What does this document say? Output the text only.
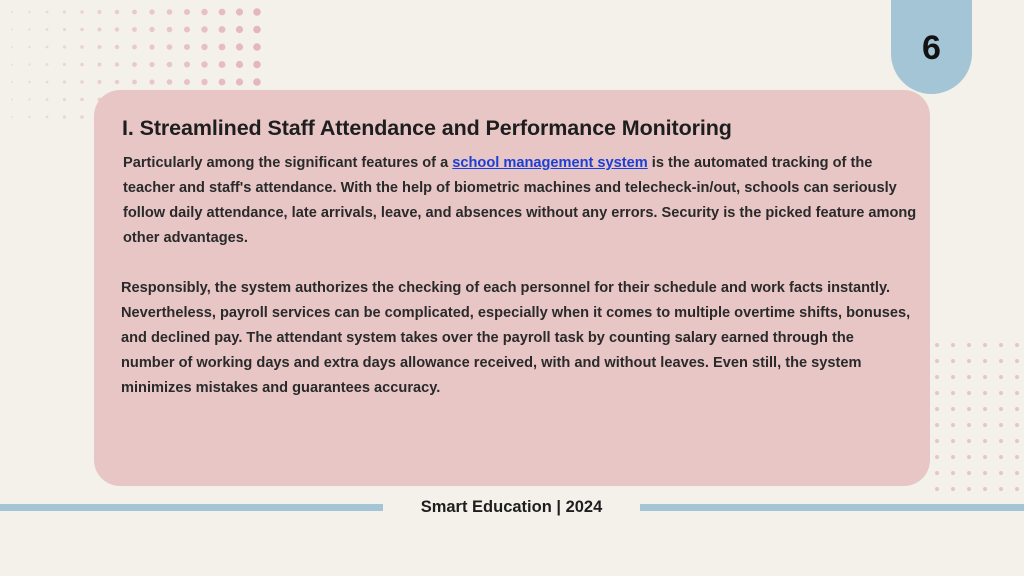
6
I. Streamlined Staff Attendance and Performance Monitoring

Particularly among the significant features of a school management system is the automated tracking of the teacher and staff's attendance. With the help of biometric machines and telecheck-in/out, schools can seriously follow daily attendance, late arrivals, leave, and absences without any errors. Security is the picked feature among other advantages.

Responsibly, the system authorizes the checking of each personnel for their schedule and work facts instantly. Nevertheless, payroll services can be complicated, especially when it comes to multiple overtime shifts, bonuses, and declined pay. The attendant system takes over the payroll task by counting salary earned through the number of working days and extra days allowance received, with and without leaves. Even still, the system minimizes mistakes and guarantees accuracy.

Smart Education | 2024
